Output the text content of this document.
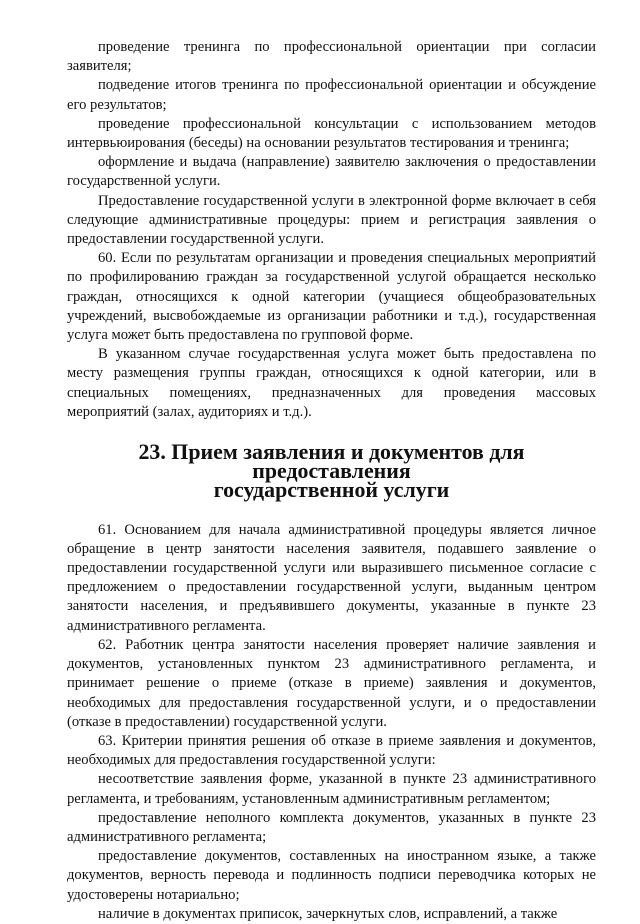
проведение тренинга по профессиональной ориентации при согласии заявителя;

подведение итогов тренинга по профессиональной ориентации и обсуждение его результатов;

проведение профессиональной консультации с использованием методов интервьюирования (беседы) на основании результатов тестирования и тренинга;

оформление и выдача (направление) заявителю заключения о предоставлении государственной услуги.

Предоставление государственной услуги в электронной форме включает в себя следующие административные процедуры: прием и регистрация заявления о предоставлении государственной услуги.

60. Если по результатам организации и проведения специальных мероприятий по профилированию граждан за государственной услугой обращается несколько граждан, относящихся к одной категории (учащиеся общеобразовательных учреждений, высвобождаемые из организации работники и т.д.), государственная услуга может быть предоставлена по групповой форме.

В указанном случае государственная услуга может быть предоставлена по месту размещения группы граждан, относящихся к одной категории, или в специальных помещениях, предназначенных для проведения массовых мероприятий (залах, аудиториях и т.д.).

23. Прием заявления и документов для предоставления
государственной услуги

61. Основанием для начала административной процедуры является личное обращение в центр занятости населения заявителя, подавшего заявление о предоставлении государственной услуги или выразившего письменное согласие с предложением о предоставлении государственной услуги, выданным центром занятости населения, и предъявившего документы, указанные в пункте 23 административного регламента.

62. Работник центра занятости населения проверяет наличие заявления и документов, установленных пунктом 23 административного регламента, и принимает решение о приеме (отказе в приеме) заявления и документов, необходимых для предоставления государственной услуги, и о предоставлении (отказе в предоставлении) государственной услуги.

63. Критерии принятия решения об отказе в приеме заявления и документов, необходимых для предоставления государственной услуги:

несоответствие заявления форме, указанной в пункте 23 административного регламента, и требованиям, установленным административным регламентом;

предоставление неполного комплекта документов, указанных в пункте 23 административного регламента;

предоставление документов, составленных на иностранном языке, а также документов, верность перевода и подлинность подписи переводчика которых не удостоверены нотариально;

наличие в документах приписок, зачеркнутых слов, исправлений, а также
